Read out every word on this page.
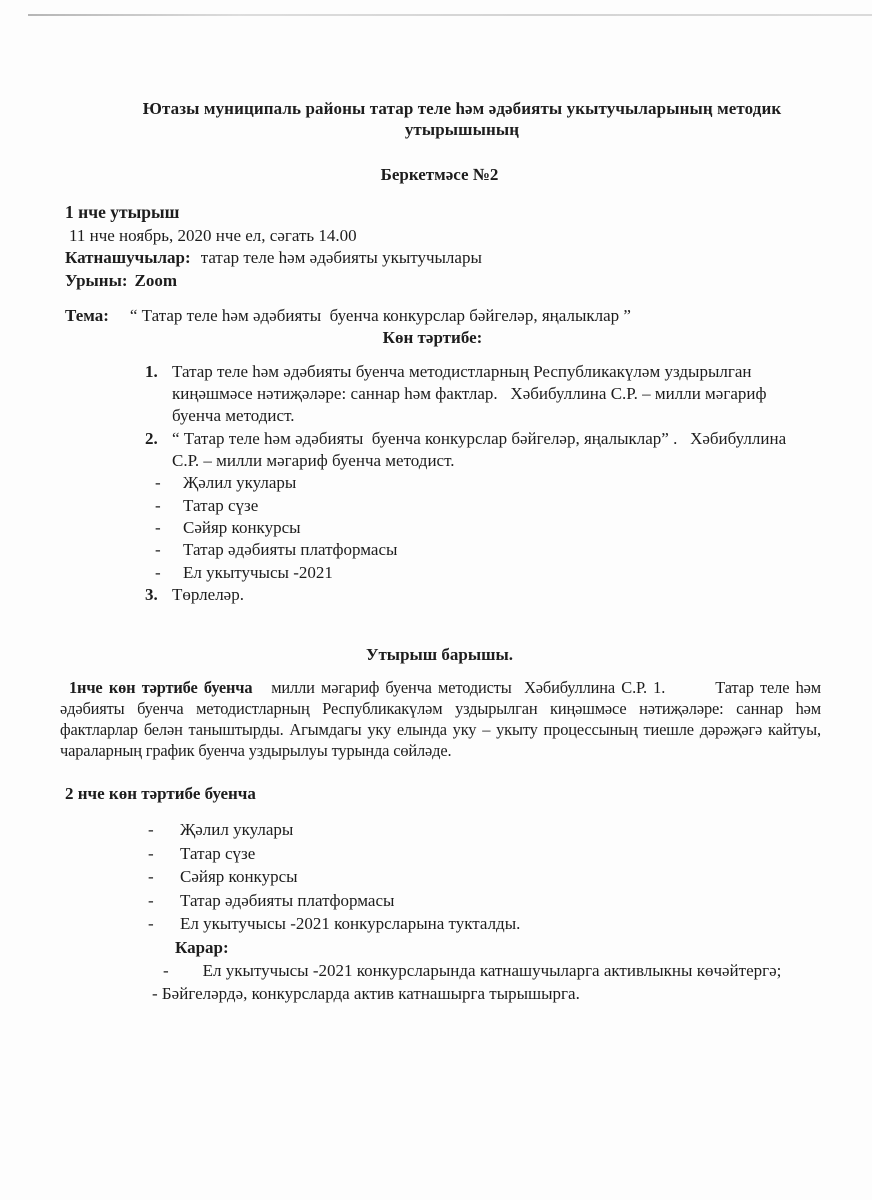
Ютазы муниципаль районы татар теле һәм әдәбияты укытучыларының методик утырышының
Беркетмәсе №2
1 нче утырыш
11 нче ноябрь, 2020 нче ел, сәгать 14.00
Катнашучылар: татар теле һәм әдәбияты укытучылары
Урыны: Zoom
Тема: “ Татар теле һәм әдәбияты  буенча конкурслар бәйгеләр, яңалыклар ”
Көн тәртибе:
1. Татар теле һәм әдәбияты буенча методистларның Республикакүләм уздырылган киңәшмәсе нәтиҗәләре: саннар һәм фактлар.   Хәбибуллина С.Р. – милли мәгариф буенча методист.
2. “ Татар теле һәм әдәбияты  буенча конкурслар бәйгеләр, яңалыклар” .   Хәбибуллина С.Р. – милли мәгариф буенча методист.
- Җәлил укулары
- Татар сүзе
- Сәйяр конкурсы
- Татар әдәбияты платформасы
- Ел укытучысы -2021
3. Төрлеләр.
Утырыш барышы.
1нче көн тәртибе буенча   милли мәгариф буенча методисты  Хәбибуллина С.Р. 1.        Татар теле һәм әдәбияты буенча методистларның Республикакүләм уздырылган киңәшмәсе нәтиҗәләре: саннар һәм фактларлар белән таныштырды. Агымдагы уку елында уку – укыту процессының тиешле дәрәҗәгә кайтуы, чараларның график буенча уздырылуы турында сөйләде.
2 нче көн тәртибе буенча
- Җәлил укулары
- Татар сүзе
- Сәйяр конкурсы
- Татар әдәбияты платформасы
- Ел укытучысы -2021 конкурсларына тукталды.
Карар:
-        Ел укытучысы -2021 конкурсларында катнашучыларга активлыкны көчәйтергә;
- Бәйгеләрдә, конкурсларда актив катнашырга тырышырга.
